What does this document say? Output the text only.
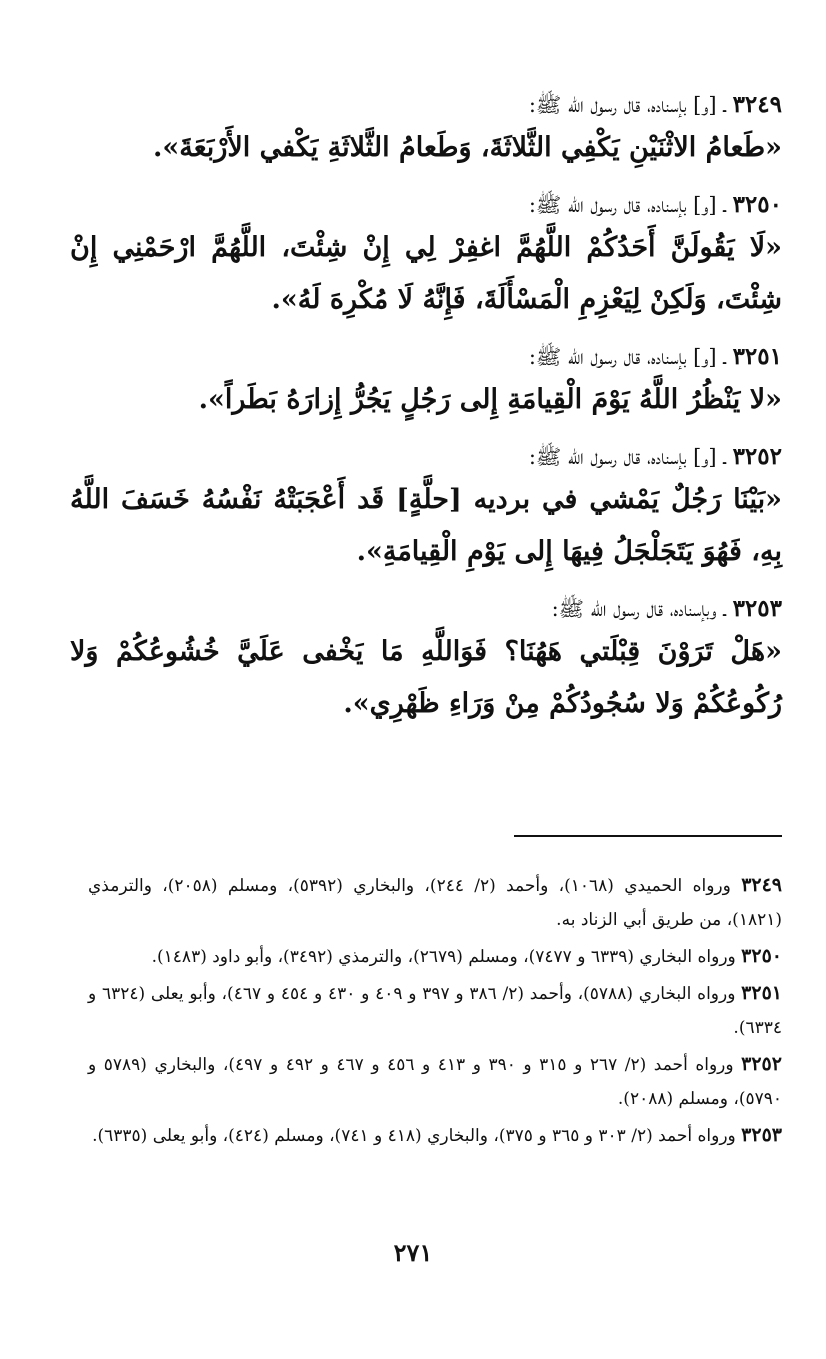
٣٢٤٩ ـ [و] بإسناده، قال رسول الله ﷺ:
«طَعامُ الاثْنَيْنِ يَكْفِي الثَّلاثَةَ، وَطَعامُ الثَّلاثَةِ يَكْفي الأَرْبَعَةَ».
٣٢٥٠ ـ [و] بإسناده، قال رسول الله ﷺ:
«لَا يَقُولَنَّ أَحَدُكُمْ اللَّهُمَّ اغفِرْ لِي إِنْ شِئْتَ، اللَّهُمَّ ارْحَمْنِي إِنْ شِئْتَ، وَلَكِنْ لِيَعْزِمِ الْمَسْأَلَةَ، فَإِنَّهُ لَا مُكْرِهَ لَهُ».
٣٢٥١ ـ [و] بإسناده، قال رسول الله ﷺ:
«لا يَنْظُرُ اللَّهُ يَوْمَ الْقِيامَةِ إِلى رَجُلٍ يَجُرُّ إِزارَهُ بَطَراً».
٣٢٥٢ ـ [و] بإسناده، قال رسول الله ﷺ:
«بَيْنَا رَجُلٌ يَمْشي في برديه [حلَّةٍ] قَد أَعْجَبَتْهُ نَفْسُهُ خَسَفَ اللَّهُ بِهِ، فَهُوَ يَتَجَلْجَلُ فِيهَا إِلى يَوْمِ الْقِيامَةِ».
٣٢٥٣ ـ وبإسناده، قال رسول الله ﷺ:
«هَلْ تَرَوْنَ قِبْلَتي هَهُنَا؟ فَوَاللَّهِ مَا يَخْفى عَلَيَّ خُشُوعُكُمْ وَلا رُكُوعُكُمْ وَلا سُجُودُكُمْ مِنْ وَرَاءِ ظَهْرِي».
٣٢٤٩ ورواه الحميدي (١٠٦٨)، وأحمد (٢/ ٢٤٤)، والبخاري (٥٣٩٢)، ومسلم (٢٠٥٨)، والترمذي (١٨٢١)، من طريق أبي الزناد به.
٣٢٥٠ ورواه البخاري (٦٣٣٩ و ٧٤٧٧)، ومسلم (٢٦٧٩)، والترمذي (٣٤٩٢)، وأبو داود (١٤٨٣).
٣٢٥١ ورواه البخاري (٥٧٨٨)، وأحمد (٢/ ٣٨٦ و ٣٩٧ و ٤٠٩ و ٤٣٠ و ٤٥٤ و ٤٦٧)، وأبو يعلى (٦٣٢٤ و ٦٣٣٤).
٣٢٥٢ ورواه أحمد (٢/ ٢٦٧ و ٣١٥ و ٣٩٠ و ٤١٣ و ٤٥٦ و ٤٦٧ و ٤٩٢ و ٤٩٧)، والبخاري (٥٧٨٩ و ٥٧٩٠)، ومسلم (٢٠٨٨).
٣٢٥٣ ورواه أحمد (٢/ ٣٠٣ و ٣٦٥ و ٣٧٥)، والبخاري (٤١٨ و ٧٤١)، ومسلم (٤٢٤)، وأبو يعلى (٦٣٣٥).
٢٧١
